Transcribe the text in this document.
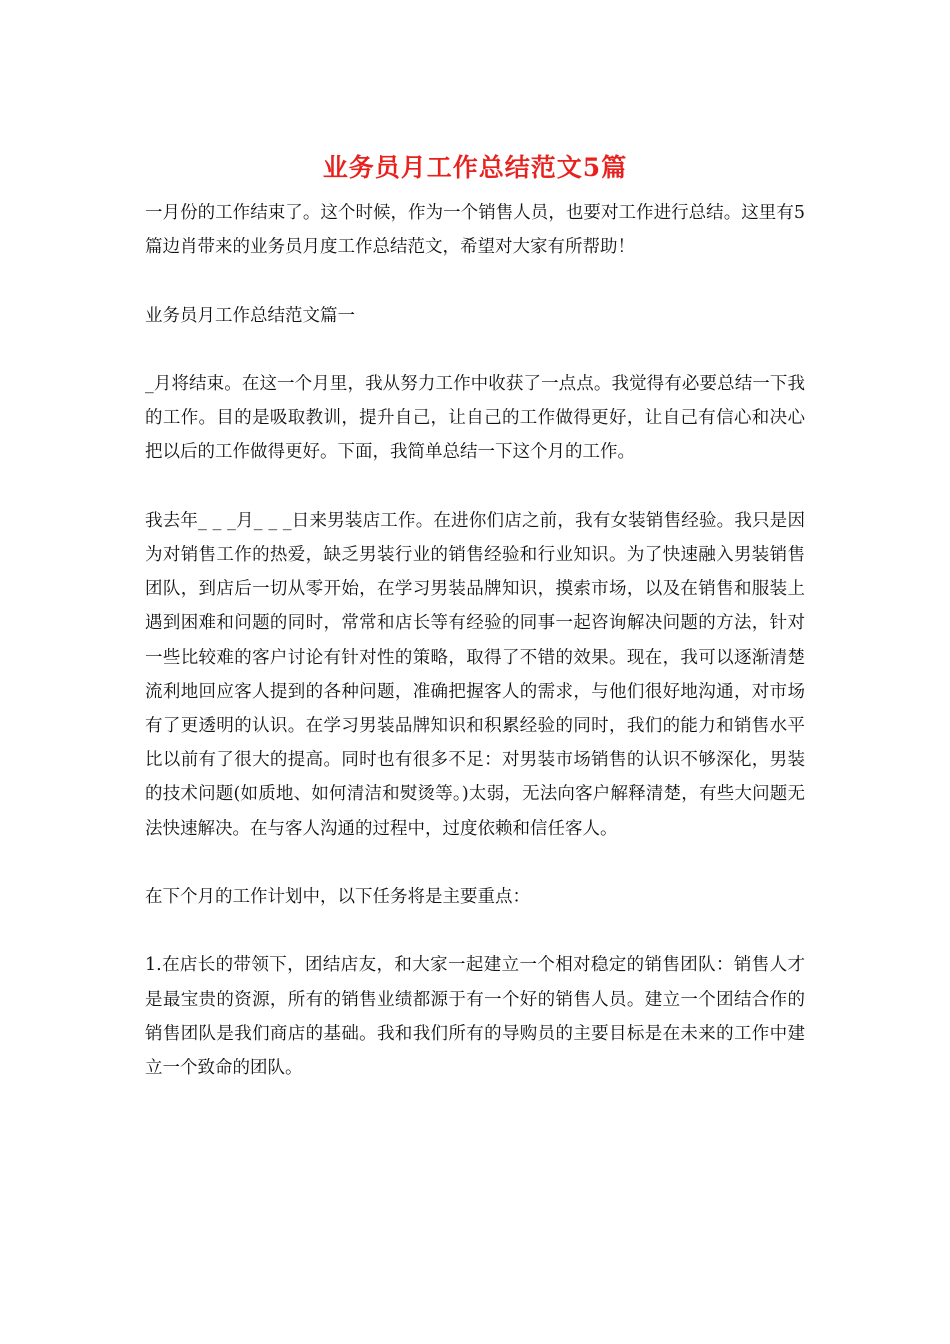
业务员月工作总结范文5篇

一月份的工作结束了。这个时候，作为一个销售人员，也要对工作进行总结。这里有5篇边肖带来的业务员月度工作总结范文，希望对大家有所帮助！

业务员月工作总结范文篇一

_月将结束。在这一个月里，我从努力工作中收获了一点点。我觉得有必要总结一下我的工作。目的是吸取教训，提升自己，让自己的工作做得更好，让自己有信心和决心把以后的工作做得更好。下面，我简单总结一下这个月的工作。

我去年_ _ _月_ _ _日来男装店工作。在进你们店之前，我有女装销售经验。我只是因为对销售工作的热爱，缺乏男装行业的销售经验和行业知识。为了快速融入男装销售团队，到店后一切从零开始，在学习男装品牌知识，摸索市场，以及在销售和服装上遇到困难和问题的同时，常常和店长等有经验的同事一起咨询解决问题的方法，针对一些比较难的客户讨论有针对性的策略，取得了不错的效果。现在，我可以逐渐清楚流利地回应客人提到的各种问题，准确把握客人的需求，与他们很好地沟通，对市场有了更透明的认识。在学习男装品牌知识和积累经验的同时，我们的能力和销售水平比以前有了很大的提高。同时也有很多不足：对男装市场销售的认识不够深化，男装的技术问题(如质地、如何清洁和熨烫等。)太弱，无法向客户解释清楚，有些大问题无法快速解决。在与客人沟通的过程中，过度依赖和信任客人。

在下个月的工作计划中，以下任务将是主要重点：

1.在店长的带领下，团结店友，和大家一起建立一个相对稳定的销售团队：销售人才是最宝贵的资源，所有的销售业绩都源于有一个好的销售人员。建立一个团结合作的销售团队是我们商店的基础。我和我们所有的导购员的主要目标是在未来的工作中建立一个致命的团队。
